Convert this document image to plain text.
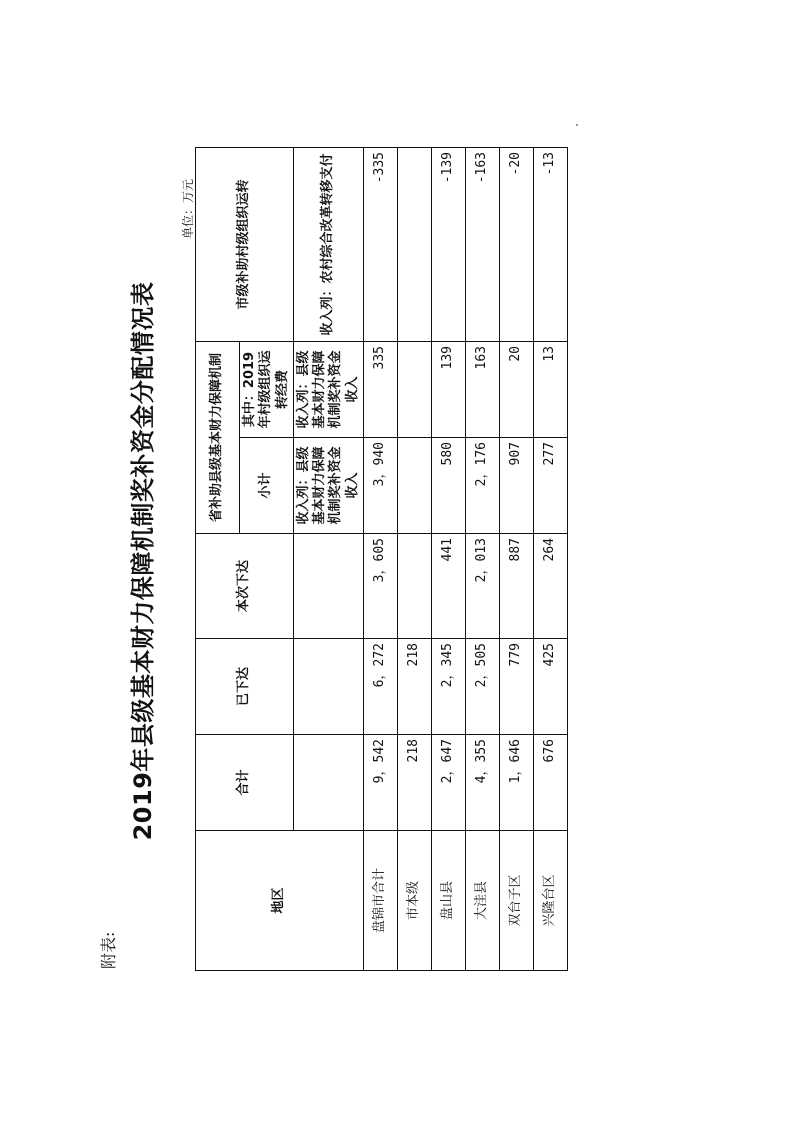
附表:
2019年县级基本财力保障机制奖补资金分配情况表
单位：万元
地区	合计	已下达	本次下达	省补助县级基本财力保障机制		市级补助村级组织运转
				小计	其中：2019年村级组织运转经费	
				收入列：县级基本财力保障机制奖补资金收入	收入列：县级基本财力保障机制奖补资金收入	收入列：农村综合改革转移支付
盘锦市合计	9，542	6，272	3，605	3，940	335	-335
市本级	218	218				
盘山县	2，647	2，345	441	580	139	-139
大洼县	4，355	2，505	2，013	2，176	163	-163
双台子区	1，646	779	887	907	20	-20
兴隆台区	676	425	264	277	13	-13
